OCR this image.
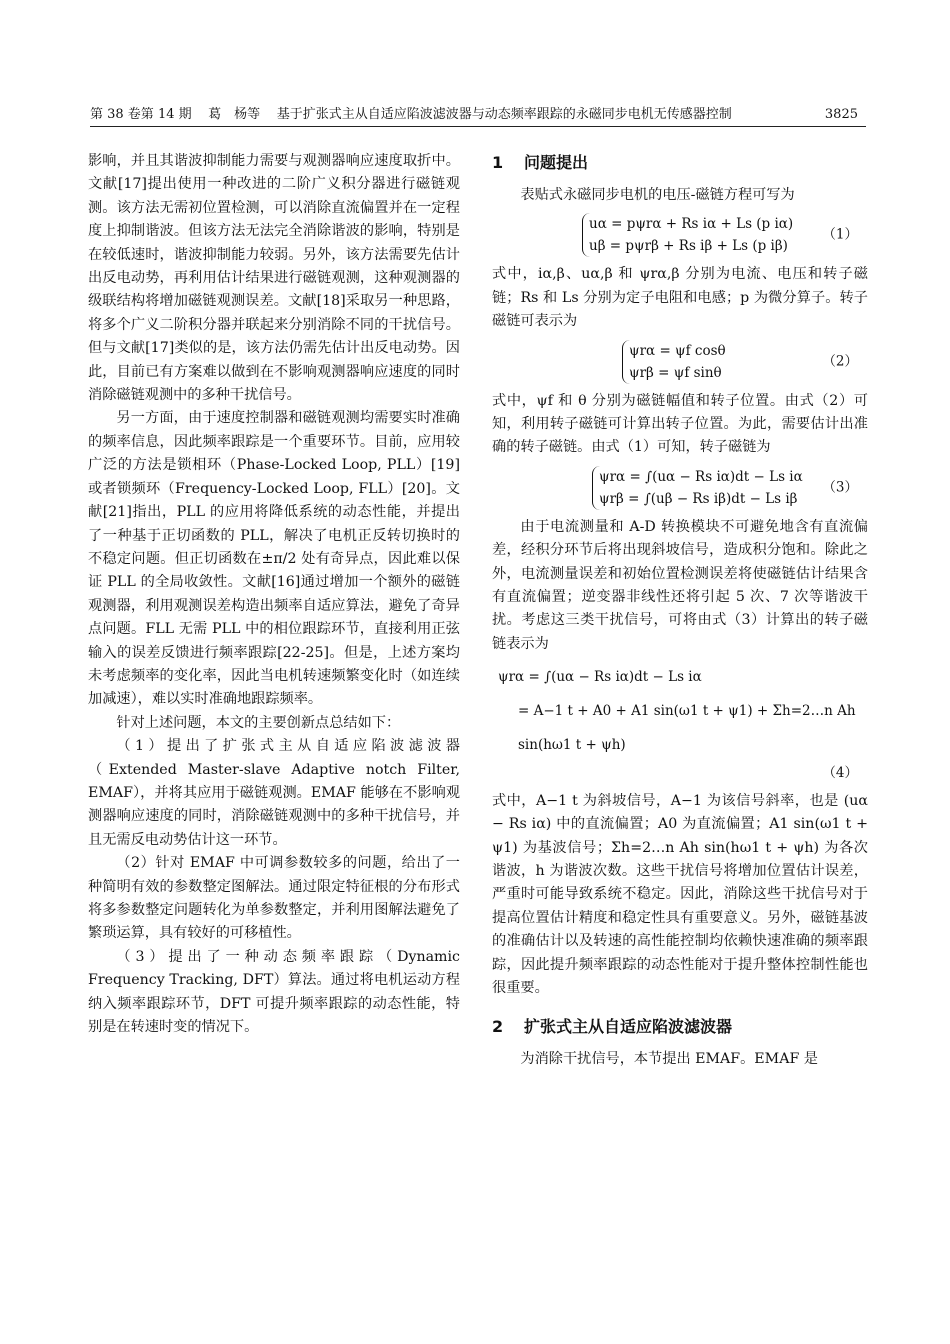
第 38 卷第 14 期 葛　杨等 基于扩张式主从自适应陷波滤波器与动态频率跟踪的永磁同步电机无传感器控制	3825

影响，并且其谐波抑制能力需要与观测器响应速度取折中。文献[17]提出使用一种改进的二阶广义积分器进行磁链观测。该方法无需初位置检测，可以消除直流偏置并在一定程度上抑制谐波。但该方法无法完全消除谐波的影响，特别是在较低速时，谐波抑制能力较弱。另外，该方法需要先估计出反电动势，再利用估计结果进行磁链观测，这种观测器的级联结构将增加磁链观测误差。文献[18]采取另一种思路，将多个广义二阶积分器并联起来分别消除不同的干扰信号。但与文献[17]类似的是，该方法仍需先估计出反电动势。因此，目前已有方案难以做到在不影响观测器响应速度的同时消除磁链观测中的多种干扰信号。

另一方面，由于速度控制器和磁链观测均需要实时准确的频率信息，因此频率跟踪是一个重要环节。目前，应用较广泛的方法是锁相环（Phase-Locked Loop, PLL）[19]或者锁频环（Frequency-Locked Loop, FLL）[20]。文献[21]指出，PLL 的应用将降低系统的动态性能，并提出了一种基于正切函数的 PLL，解决了电机正反转切换时的不稳定问题。但正切函数在±π/2 处有奇异点，因此难以保证 PLL 的全局收敛性。文献[16]通过增加一个额外的磁链观测器，利用观测误差构造出频率自适应算法，避免了奇异点问题。FLL 无需 PLL 中的相位跟踪环节，直接利用正弦输入的误差反馈进行频率跟踪[22-25]。但是，上述方案均未考虑频率的变化率，因此当电机转速频繁变化时（如连续加减速），难以实时准确地跟踪频率。

针对上述问题，本文的主要创新点总结如下：

（1）提出了扩张式主从自适应陷波滤波器（Extended Master-slave Adaptive notch Filter, EMAF），并将其应用于磁链观测。EMAF 能够在不影响观测器响应速度的同时，消除磁链观测中的多种干扰信号，并且无需反电动势估计这一环节。

（2）针对 EMAF 中可调参数较多的问题，给出了一种简明有效的参数整定图解法。通过限定特征根的分布形式将多参数整定问题转化为单参数整定，并利用图解法避免了繁琐运算，具有较好的可移植性。

（3）提出了一种动态频率跟踪（Dynamic Frequency Tracking, DFT）算法。通过将电机运动方程纳入频率跟踪环节，DFT 可提升频率跟踪的动态性能，特别是在转速时变的情况下。

1 问题提出

表贴式永磁同步电机的电压-磁链方程可写为

uα = pψrα + Rs iα + Ls (p iα)
uβ = pψrβ + Rs iβ + Ls (p iβ)
（1）

式中，iα,β、uα,β 和 ψrα,β 分别为电流、电压和转子磁链；Rs 和 Ls 分别为定子电阻和电感；p 为微分算子。转子磁链可表示为

ψrα = ψf cosθ
ψrβ = ψf sinθ
（2）

式中，ψf 和 θ 分别为磁链幅值和转子位置。由式（2）可知，利用转子磁链可计算出转子位置。为此，需要估计出准确的转子磁链。由式（1）可知，转子磁链为

ψrα = ∫(uα − Rs iα)dt − Ls iα
ψrβ = ∫(uβ − Rs iβ)dt − Ls iβ
（3）

由于电流测量和 A-D 转换模块不可避免地含有直流偏差，经积分环节后将出现斜坡信号，造成积分饱和。除此之外，电流测量误差和初始位置检测误差将使磁链估计结果含有直流偏置；逆变器非线性还将引起 5 次、7 次等谐波干扰。考虑这三类干扰信号，可将由式（3）计算出的转子磁链表示为

ψrα = ∫(uα − Rs iα)dt − Ls iα
= A−1 t + A0 + A1 sin(ω1 t + ψ1) + Σh=2…n Ah sin(hω1 t + ψh)
（4）

式中，A−1 t 为斜坡信号，A−1 为该信号斜率，也是 (uα − Rs iα) 中的直流偏置；A0 为直流偏置；A1 sin(ω1 t + ψ1) 为基波信号；Σh=2…n Ah sin(hω1 t + ψh) 为各次谐波，h 为谐波次数。这些干扰信号将增加位置估计误差，严重时可能导致系统不稳定。因此，消除这些干扰信号对于提高位置估计精度和稳定性具有重要意义。另外，磁链基波的准确估计以及转速的高性能控制均依赖快速准确的频率跟踪，因此提升频率跟踪的动态性能对于提升整体控制性能也很重要。

2 扩张式主从自适应陷波滤波器

为消除干扰信号，本节提出 EMAF。EMAF 是
